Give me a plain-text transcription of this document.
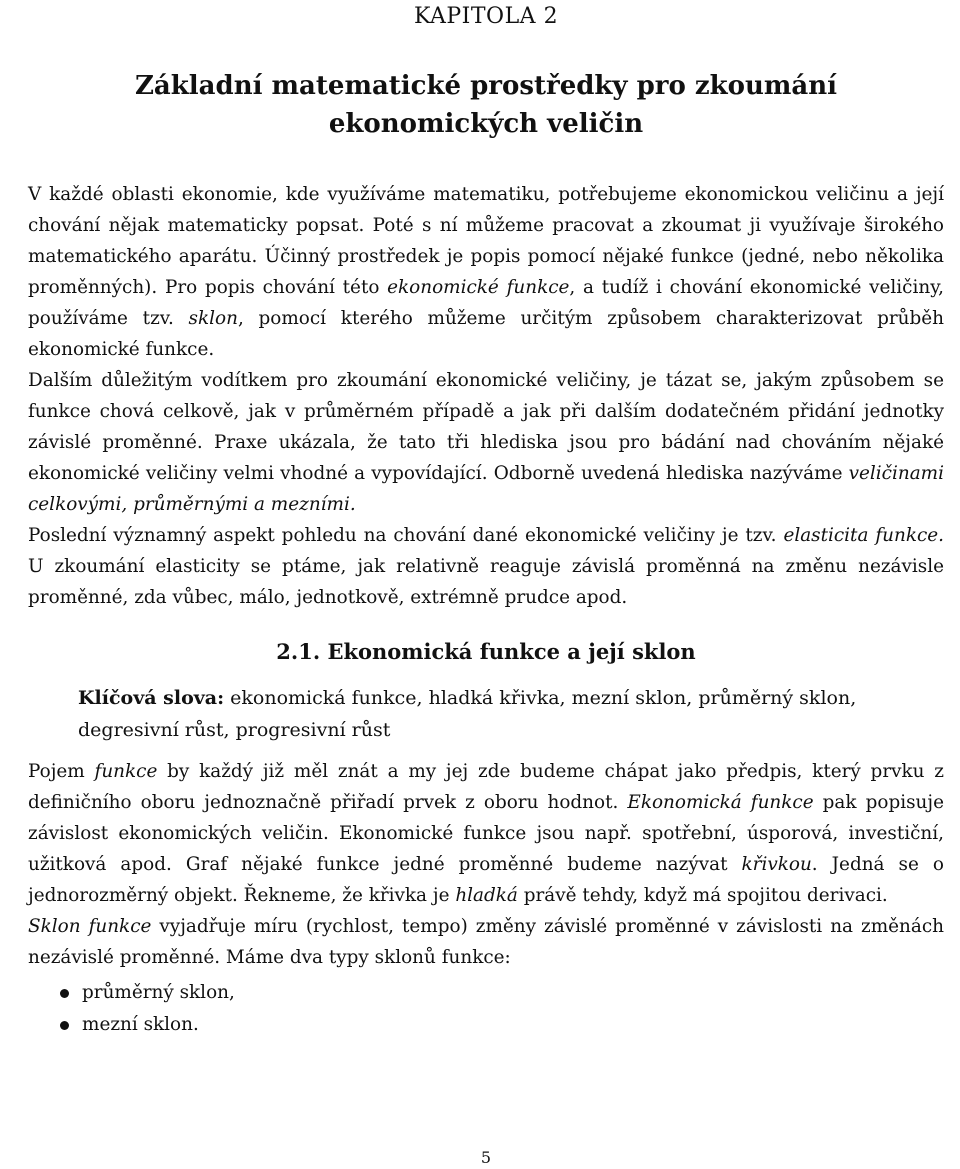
KAPITOLA 2
Základní matematické prostředky pro zkoumání ekonomických veličin

V každé oblasti ekonomie, kde využíváme matematiku, potřebujeme ekonomickou veličinu a její chování nějak matematicky popsat. Poté s ní můžeme pracovat a zkoumat ji využívaje širokého matematického aparátu. Účinný prostředek je popis pomocí nějaké funkce (jedné, nebo několika proměnných). Pro popis chování této ekonomické funkce, a tudíž i chování ekonomické veličiny, používáme tzv. sklon, pomocí kterého můžeme určitým způsobem charakterizovat průběh ekonomické funkce.

Dalším důležitým vodítkem pro zkoumání ekonomické veličiny, je tázat se, jakým způsobem se funkce chová celkově, jak v průměrném případě a jak při dalším dodatečném přidání jednotky závislé proměnné. Praxe ukázala, že tato tři hlediska jsou pro bádání nad chováním nějaké ekonomické veličiny velmi vhodné a vypovídající. Odborně uvedená hlediska nazýváme veličinami celkovými, průměrnými a mezními.

Poslední významný aspekt pohledu na chování dané ekonomické veličiny je tzv. elasticita funkce. U zkoumání elasticity se ptáme, jak relativně reaguje závislá proměnná na změnu nezávisle proměnné, zda vůbec, málo, jednotkově, extrémně prudce apod.

2.1. Ekonomická funkce a její sklon
Klíčová slova: ekonomická funkce, hladká křivka, mezní sklon, průměrný sklon, degresivní růst, progresivní růst

Pojem funkce by každý již měl znát a my jej zde budeme chápat jako předpis, který prvku z definičního oboru jednoznačně přiřadí prvek z oboru hodnot. Ekonomická funkce pak popisuje závislost ekonomických veličin. Ekonomické funkce jsou např. spotřební, úsporová, investiční, užitková apod. Graf nějaké funkce jedné proměnné budeme nazývat křivkou. Jedná se o jednorozměrný objekt. Řekneme, že křivka je hladká právě tehdy, když má spojitou derivaci.

Sklon funkce vyjadřuje míru (rychlost, tempo) změny závislé proměnné v závislosti na změnách nezávislé proměnné. Máme dva typy sklonů funkce:

průměrný sklon,
mezní sklon.
5
